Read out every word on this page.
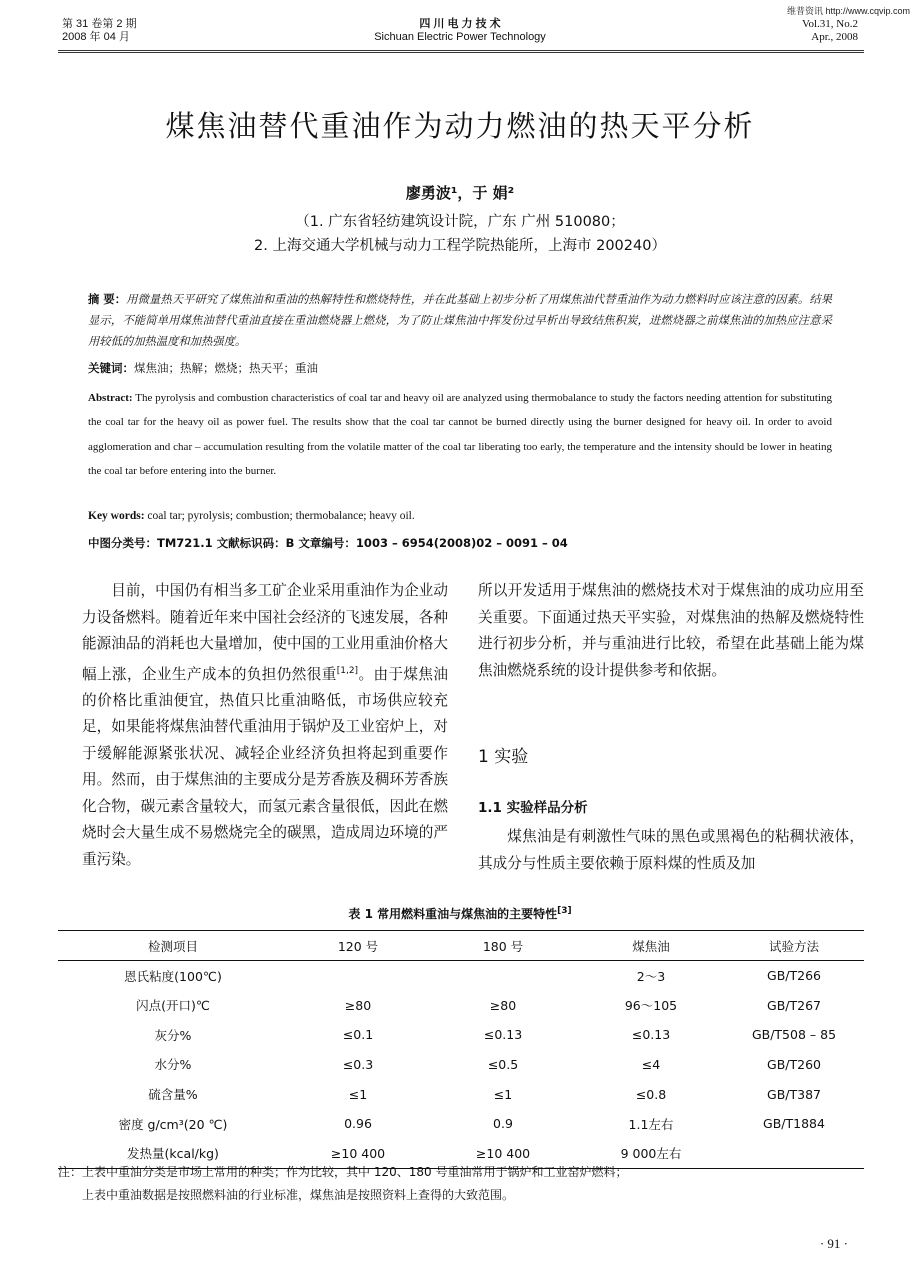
维普资讯 http://www.cqvip.com
第 31 卷第 2 期
2008 年 04 月
四 川 电 力 技 术
Sichuan Electric Power Technology
Vol.31, No.2
Apr., 2008
煤焦油替代重油作为动力燃油的热天平分析
廖勇波¹，于 娟²
（1. 广东省轻纺建筑设计院，广东 广州 510080；
2. 上海交通大学机械与动力工程学院热能所，上海市 200240）
摘 要：用微量热天平研究了煤焦油和重油的热解特性和燃烧特性，并在此基础上初步分析了用煤焦油代替重油作为动力燃料时应该注意的因素。结果显示，不能简单用煤焦油替代重油直接在重油燃烧器上燃烧，为了防止煤焦油中挥发份过早析出导致结焦积炭，进燃烧器之前煤焦油的加热应注意采用较低的加热温度和加热强度。
关键词：煤焦油；热解；燃烧；热天平；重油
Abstract: The pyrolysis and combustion characteristics of coal tar and heavy oil are analyzed using thermobalance to study the factors needing attention for substituting the coal tar for the heavy oil as power fuel. The results show that the coal tar cannot be burned directly using the burner designed for heavy oil. In order to avoid agglomeration and char – accumulation resulting from the volatile matter of the coal tar liberating too early, the temperature and the intensity should be lower in heating the coal tar before entering into the burner.
Key words: coal tar; pyrolysis; combustion; thermobalance; heavy oil.
中图分类号：TM721.1 文献标识码：B 文章编号：1003 – 6954(2008)02 – 0091 – 04
目前，中国仍有相当多工矿企业采用重油作为企业动力设备燃料。随着近年来中国社会经济的飞速发展，各种能源油品的消耗也大量增加，使中国的工业用重油价格大幅上涨，企业生产成本的负担仍然很重[1,2]。由于煤焦油的价格比重油便宜，热值只比重油略低，市场供应较充足，如果能将煤焦油替代重油用于锅炉及工业窑炉上，对于缓解能源紧张状况、减轻企业经济负担将起到重要作用。然而，由于煤焦油的主要成分是芳香族及稠环芳香族化合物，碳元素含量较大，而氢元素含量很低，因此在燃烧时会大量生成不易燃烧完全的碳黑，造成周边环境的严重污染。

所以开发适用于煤焦油的燃烧技术对于煤焦油的成功应用至关重要。下面通过热天平实验，对煤焦油的热解及燃烧特性进行初步分析，并与重油进行比较，希望在此基础上能为煤焦油燃烧系统的设计提供参考和依据。

1 实验
1.1 实验样品分析
煤焦油是有刺激性气味的黑色或黑褐色的粘稠状液体，其成分与性质主要依赖于原料煤的性质及加
表 1 常用燃料重油与煤焦油的主要特性[3]
检测项目	120 号	180 号	煤焦油	试验方法
恩氏粘度(100℃)			2～3	GB/T266
闪点(开口)℃	≥80	≥80	96～105	GB/T267
灰分%	≤0.1	≤0.13	≤0.13	GB/T508 – 85
水分%	≤0.3	≤0.5	≤4	GB/T260
硫含量%	≤1	≤1	≤0.8	GB/T387
密度 g/cm³(20 ℃)	0.96	0.9	1.1左右	GB/T1884
发热量(kcal/kg)	≥10 400	≥10 400	9 000左右	
注：上表中重油分类是市场上常用的种类；作为比较，其中 120、180 号重油常用于锅炉和工业窑炉燃料；
上表中重油数据是按照燃料油的行业标准，煤焦油是按照资料上查得的大致范围。
· 91 ·
